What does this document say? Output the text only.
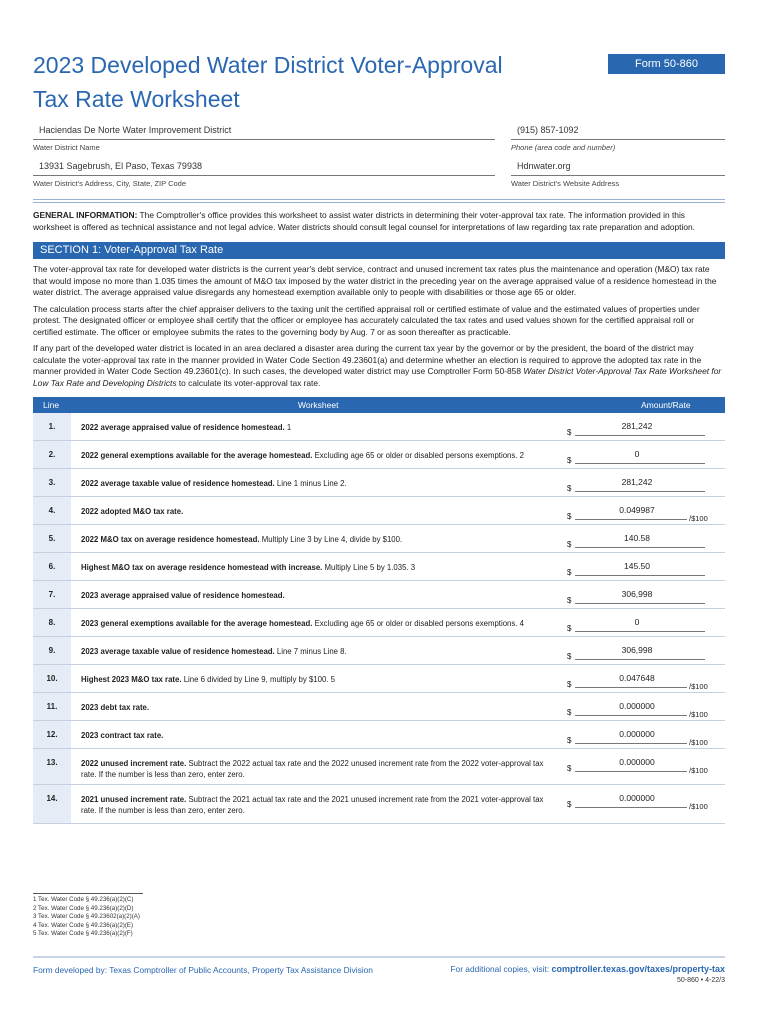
2023 Developed Water District Voter-Approval Tax Rate Worksheet
Form 50-860
Haciendas De Norte Water Improvement District
Water District Name
(915) 857-1092
Phone (area code and number)
13931 Sagebrush, El Paso, Texas 79938
Water District's Address, City, State, ZIP Code
Hdnwater.org
Water District's Website Address
GENERAL INFORMATION: The Comptroller's office provides this worksheet to assist water districts in determining their voter-approval tax rate. The information provided in this worksheet is offered as technical assistance and not legal advice. Water districts should consult legal counsel for interpretations of law regarding tax rate preparation and adoption.
SECTION 1: Voter-Approval Tax Rate
The voter-approval tax rate for developed water districts is the current year's debt service, contract and unused increment tax rates plus the maintenance and operation (M&O) tax rate that would impose no more than 1.035 times the amount of M&O tax imposed by the water district in the preceding year on the average appraised value of a residence homestead in the water district. The average appraised value disregards any homestead exemption available only to people with disabilities or those age 65 or older.
The calculation process starts after the chief appraiser delivers to the taxing unit the certified appraisal roll or certified estimate of value and the estimated values of properties under protest. The designated officer or employee shall certify that the officer or employee has accurately calculated the tax rates and used values shown for the certified appraisal roll or certified estimate. The officer or employee submits the rates to the governing body by Aug. 7 or as soon thereafter as practicable.
If any part of the developed water district is located in an area declared a disaster area during the current tax year by the governor or by the president, the board of the district may calculate the voter-approval tax rate in the manner provided in Water Code Section 49.23601(a) and determine whether an election is required to approve the adopted tax rate in the manner provided in Water Code Section 49.23601(c). In such cases, the developed water district may use Comptroller Form 50-858 Water District Voter-Approval Tax Rate Worksheet for Low Tax Rate and Developing Districts to calculate its voter-approval tax rate.
Line	Worksheet	Amount/Rate
1.	2022 average appraised value of residence homestead. 1
$
281,242
2.	2022 general exemptions available for the average homestead. Excluding age 65 or older or disabled persons exemptions. 2
$
0
3.	2022 average taxable value of residence homestead. Line 1 minus Line 2.
$
281,242
4.	2022 adopted M&O tax rate.
$
0.049987
/$100
5.	2022 M&O tax on average residence homestead. Multiply Line 3 by Line 4, divide by $100.
$
140.58
6.	Highest M&O tax on average residence homestead with increase. Multiply Line 5 by 1.035. 3
$
145.50
7.	2023 average appraised value of residence homestead.
$
306,998
8.	2023 general exemptions available for the average homestead. Excluding age 65 or older or disabled persons exemptions. 4
$
0
9.	2023 average taxable value of residence homestead. Line 7 minus Line 8.
$
306,998
10.	Highest 2023 M&O tax rate. Line 6 divided by Line 9, multiply by $100. 5
$
0.047648
/$100
11.	2023 debt tax rate.
$
0.000000
/$100
12.	2023 contract tax rate.
$
0.000000
/$100
13.	2022 unused increment rate. Subtract the 2022 actual tax rate and the 2022 unused increment rate from the 2022 voter-approval tax rate. If the number is less than zero, enter zero.
$
0.000000
/$100
14.	2021 unused increment rate. Subtract the 2021 actual tax rate and the 2021 unused increment rate from the 2021 voter-approval tax rate. If the number is less than zero, enter zero.
$
0.000000
/$100
1 Tex. Water Code § 49.236(a)(2)(C)
2 Tex. Water Code § 49.236(a)(2)(D)
3 Tex. Water Code § 49.23602(a)(2)(A)
4 Tex. Water Code § 49.236(a)(2)(E)
5 Tex. Water Code § 49.236(a)(2)(F)
Form developed by: Texas Comptroller of Public Accounts, Property Tax Assistance Division	For additional copies, visit: comptroller.texas.gov/taxes/property-tax
50-860 • 4-22/3
